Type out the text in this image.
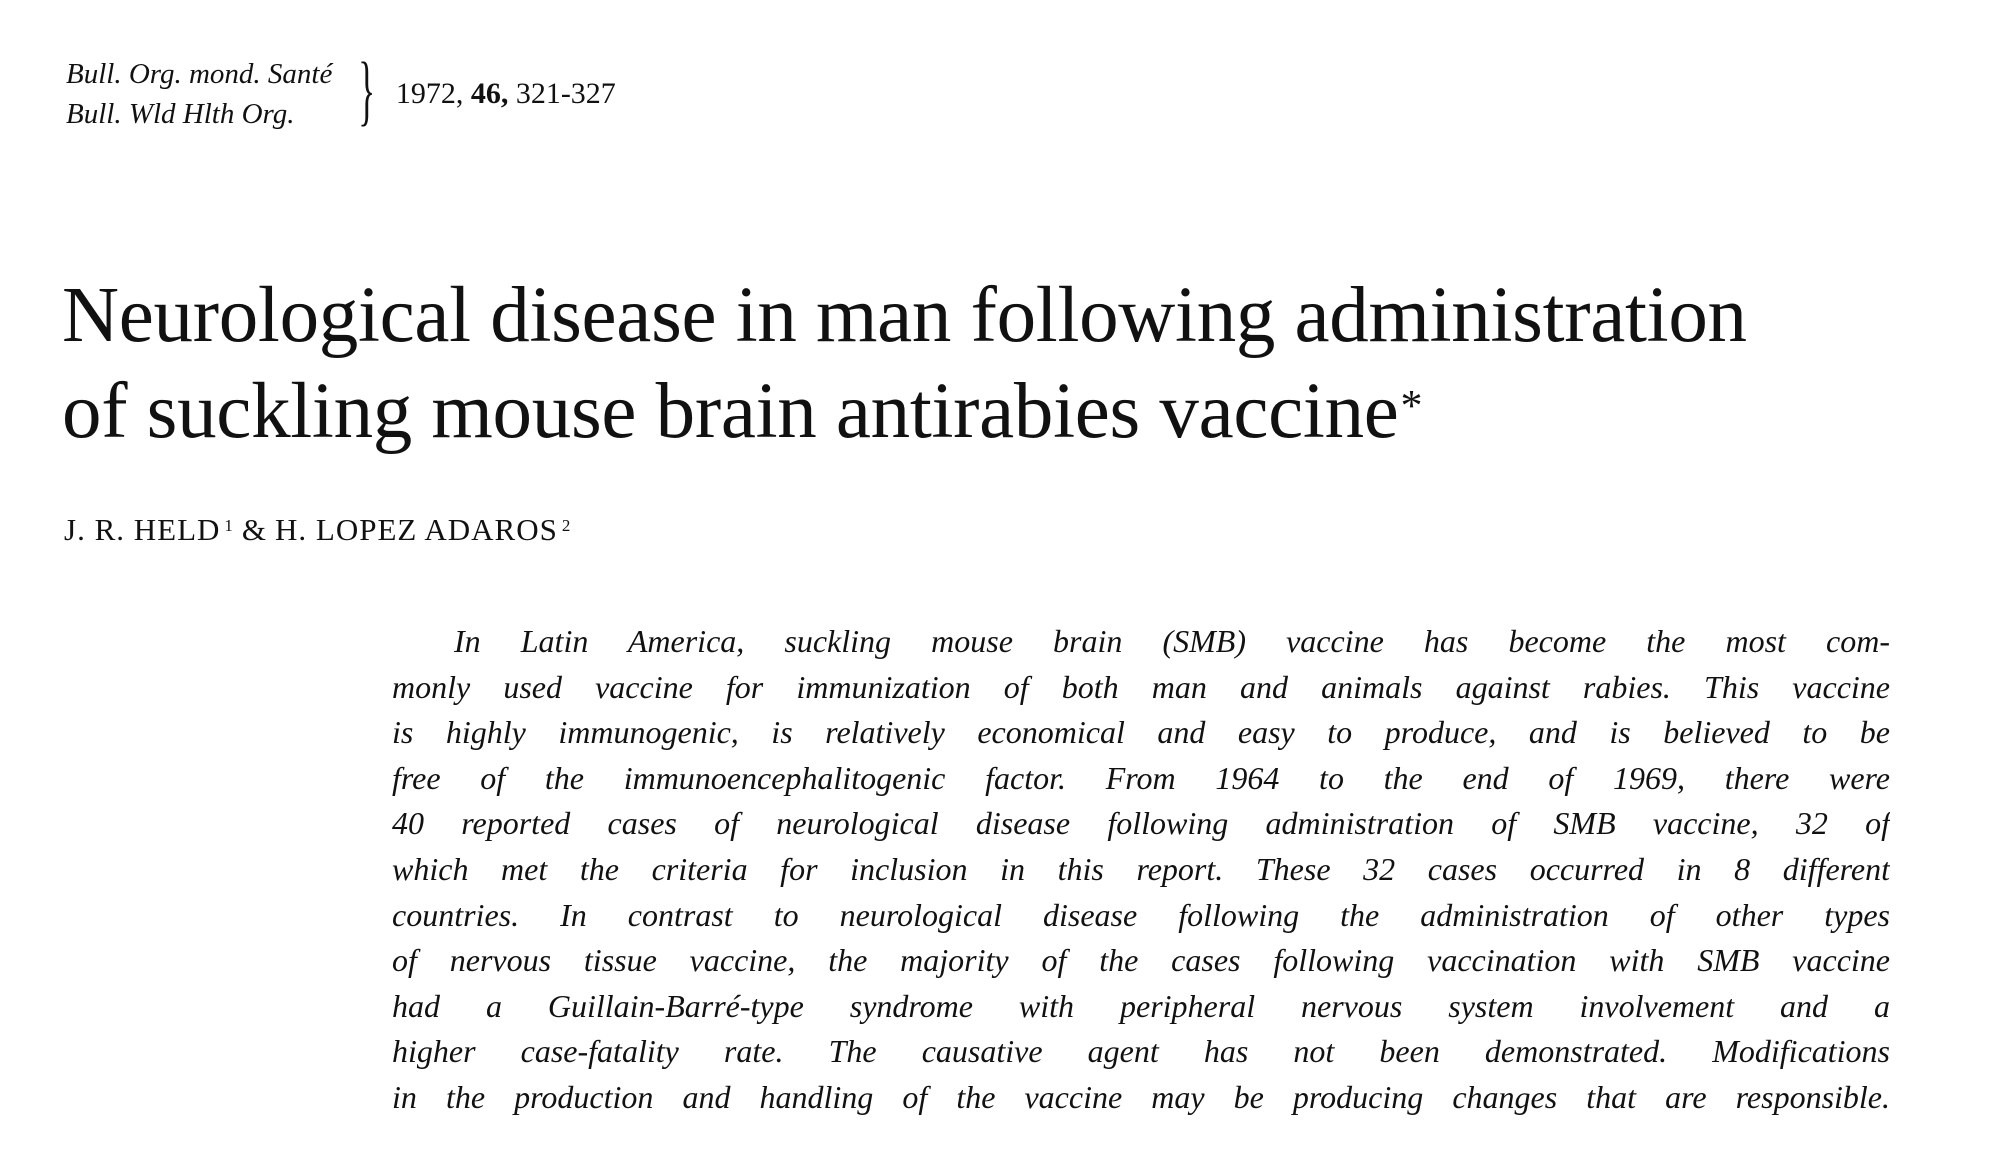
Bull. Org. mond. Santé
Bull. Wld Hlth Org. } 1972, 46, 321-327
Neurological disease in man following administration
of suckling mouse brain antirabies vaccine*
J. R. HELD $^1$ & H. LOPEZ ADAROS $^2$

In Latin America, suckling mouse brain (SMB) vaccine has become the most com-
monly used vaccine for immunization of both man and animals against rabies. This vaccine
is highly immunogenic, is relatively economical and easy to produce, and is believed to be
free of the immunoencephalitogenic factor. From 1964 to the end of 1969, there were
40 reported cases of neurological disease following administration of SMB vaccine, 32 of
which met the criteria for inclusion in this report. These 32 cases occurred in 8 different
countries. In contrast to neurological disease following the administration of other types
of nervous tissue vaccine, the majority of the cases following vaccination with SMB vaccine
had a Guillain-Barré-type syndrome with peripheral nervous system involvement and a
higher case-fatality rate. The causative agent has not been demonstrated. Modifications
in the production and handling of the vaccine may be producing changes that are responsible.
